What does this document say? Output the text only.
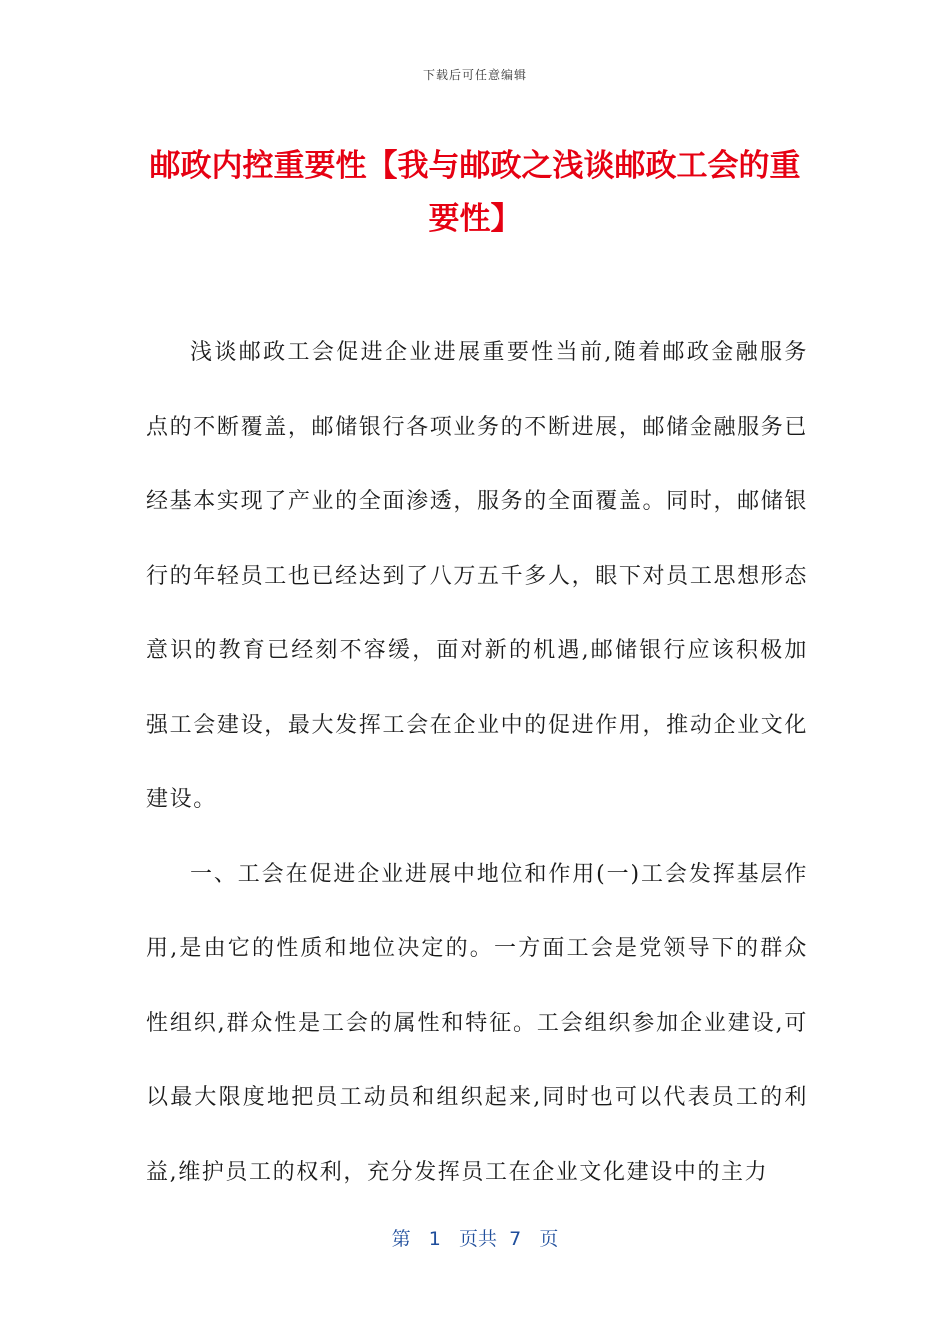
下载后可任意编辑
邮政内控重要性【我与邮政之浅谈邮政工会的重要性】

浅谈邮政工会促进企业进展重要性当前,随着邮政金融服务点的不断覆盖，邮储银行各项业务的不断进展，邮储金融服务已经基本实现了产业的全面渗透，服务的全面覆盖。同时，邮储银行的年轻员工也已经达到了八万五千多人，眼下对员工思想形态意识的教育已经刻不容缓，面对新的机遇,邮储银行应该积极加强工会建设，最大发挥工会在企业中的促进作用，推动企业文化建设。

一、工会在促进企业进展中地位和作用(一)工会发挥基层作用,是由它的性质和地位决定的。一方面工会是党领导下的群众性组织,群众性是工会的属性和特征。工会组织参加企业建设,可以最大限度地把员工动员和组织起来,同时也可以代表员工的利益,维护员工的权利，充分发挥员工在企业文化建设中的主力

第 1 页共 7 页
